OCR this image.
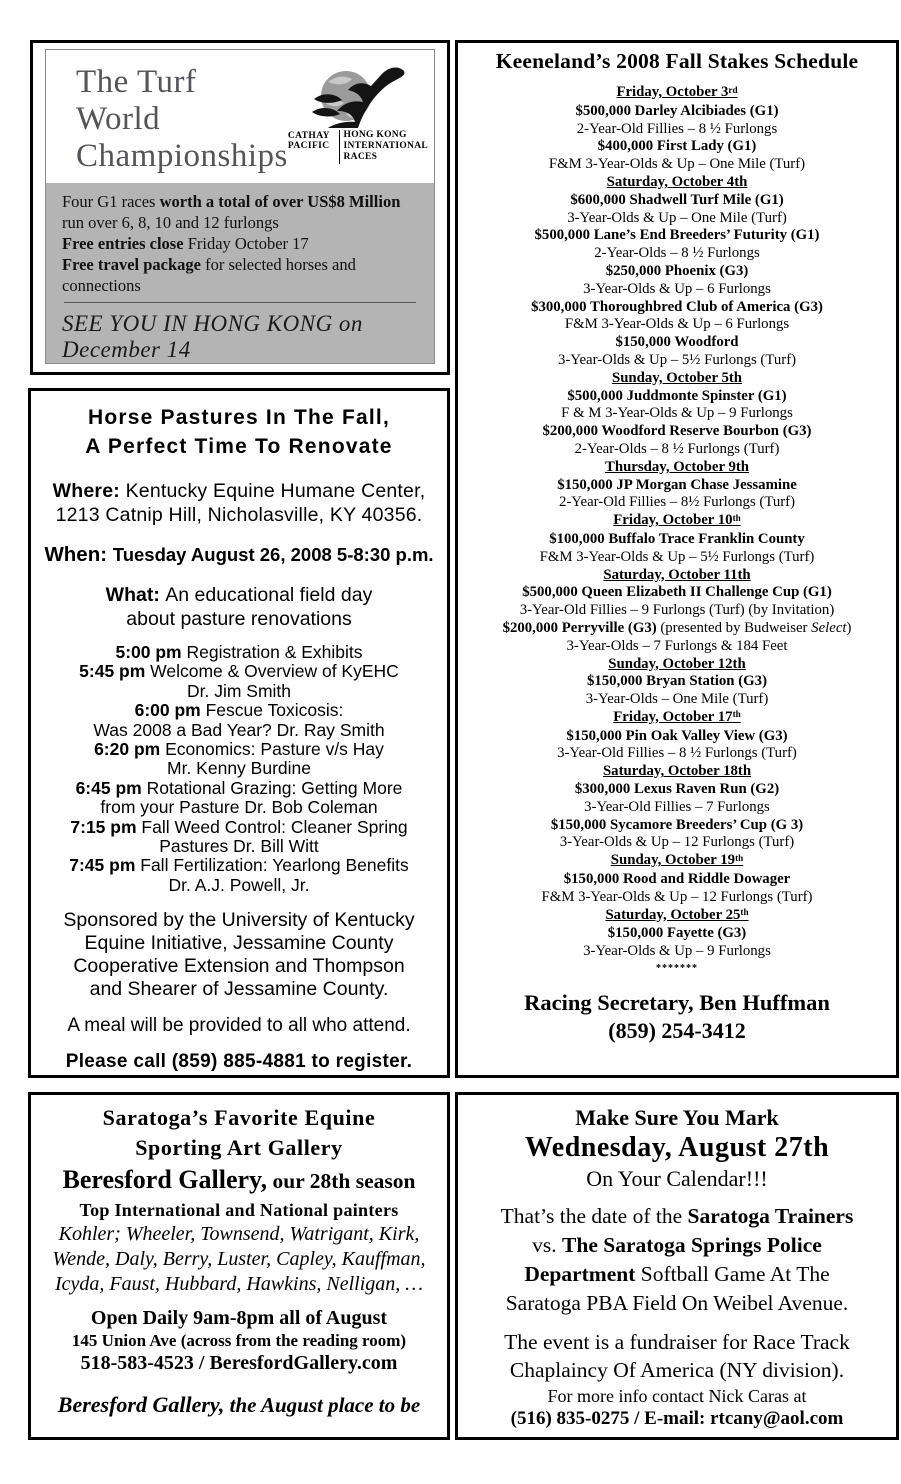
The Turf World
Championships
CATHAY PACIFIC
HONG KONG
INTERNATIONAL
RACES
Four G1 races worth a total of over US$8 Million
run over 6, 8, 10 and 12 furlongs
Free entries close Friday October 17
Free travel package for selected horses and connections
SEE YOU IN HONG KONG on December 14
Keeneland’s 2008 Fall Stakes Schedule
Friday, October 3rd
$500,000 Darley Alcibiades (G1)
2-Year-Old Fillies – 8 ½ Furlongs
$400,000 First Lady (G1)
F&M 3-Year-Olds & Up – One Mile (Turf)
Saturday, October 4th
$600,000 Shadwell Turf Mile (G1)
3-Year-Olds & Up – One Mile (Turf)
$500,000 Lane’s End Breeders’ Futurity (G1)
2-Year-Olds – 8 ½ Furlongs
$250,000 Phoenix (G3)
3-Year-Olds & Up – 6 Furlongs
$300,000 Thoroughbred Club of America (G3)
F&M 3-Year-Olds & Up – 6 Furlongs
$150,000 Woodford
3-Year-Olds & Up – 5½ Furlongs (Turf)
Sunday, October 5th
$500,000 Juddmonte Spinster (G1)
F & M 3-Year-Olds & Up – 9 Furlongs
$200,000 Woodford Reserve Bourbon (G3)
2-Year-Olds – 8 ½ Furlongs (Turf)
Thursday, October 9th
$150,000 JP Morgan Chase Jessamine
2-Year-Old Fillies – 8½ Furlongs (Turf)
Friday, October 10th
$100,000 Buffalo Trace Franklin County
F&M 3-Year-Olds & Up – 5½ Furlongs (Turf)
Saturday, October 11th
$500,000 Queen Elizabeth II Challenge Cup (G1)
3-Year-Old Fillies – 9 Furlongs (Turf) (by Invitation)
$200,000 Perryville (G3) (presented by Budweiser Select)
3-Year-Olds – 7 Furlongs & 184 Feet
Sunday, October 12th
$150,000 Bryan Station (G3)
3-Year-Olds – One Mile (Turf)
Friday, October 17th
$150,000 Pin Oak Valley View (G3)
3-Year-Old Fillies – 8 ½ Furlongs (Turf)
Saturday, October 18th
$300,000 Lexus Raven Run (G2)
3-Year-Old Fillies – 7 Furlongs
$150,000 Sycamore Breeders’ Cup (G 3)
3-Year-Olds & Up – 12 Furlongs (Turf)
Sunday, October 19th
$150,000 Rood and Riddle Dowager
F&M 3-Year-Olds & Up – 12 Furlongs (Turf)
Saturday, October 25th
$150,000 Fayette (G3)
3-Year-Olds & Up – 9 Furlongs
*******
Racing Secretary, Ben Huffman
(859) 254-3412
Horse Pastures In The Fall,
A Perfect Time To Renovate
Where: Kentucky Equine Humane Center,
1213 Catnip Hill, Nicholasville, KY 40356.
When: Tuesday August 26, 2008 5-8:30 p.m.
What: An educational field day
about pasture renovations
5:00 pm Registration & Exhibits
5:45 pm Welcome & Overview of KyEHC
Dr. Jim Smith
6:00 pm Fescue Toxicosis:
Was 2008 a Bad Year? Dr. Ray Smith
6:20 pm Economics: Pasture v/s Hay
Mr. Kenny Burdine
6:45 pm Rotational Grazing: Getting More
from your Pasture Dr. Bob Coleman
7:15 pm Fall Weed Control: Cleaner Spring
Pastures Dr. Bill Witt
7:45 pm Fall Fertilization: Yearlong Benefits
Dr. A.J. Powell, Jr.
Sponsored by the University of Kentucky
Equine Initiative, Jessamine County
Cooperative Extension and Thompson
and Shearer of Jessamine County.
A meal will be provided to all who attend.
Please call (859) 885-4881 to register.
Saratoga’s Favorite Equine
Sporting Art Gallery
Beresford Gallery, our 28th season
Top International and National painters
Kohler; Wheeler, Townsend, Watrigant, Kirk,
Wende, Daly, Berry, Luster, Capley, Kauffman,
Icyda, Faust, Hubbard, Hawkins, Nelligan, …
Open Daily 9am-8pm all of August
145 Union Ave (across from the reading room)
518-583-4523 / BeresfordGallery.com
Beresford Gallery, the August place to be
Make Sure You Mark
Wednesday, August 27th
On Your Calendar!!!
That’s the date of the Saratoga Trainers
vs. The Saratoga Springs Police
Department Softball Game At The
Saratoga PBA Field On Weibel Avenue.
The event is a fundraiser for Race Track
Chaplaincy Of America (NY division).
For more info contact Nick Caras at
(516) 835-0275 / E-mail: rtcany@aol.com
